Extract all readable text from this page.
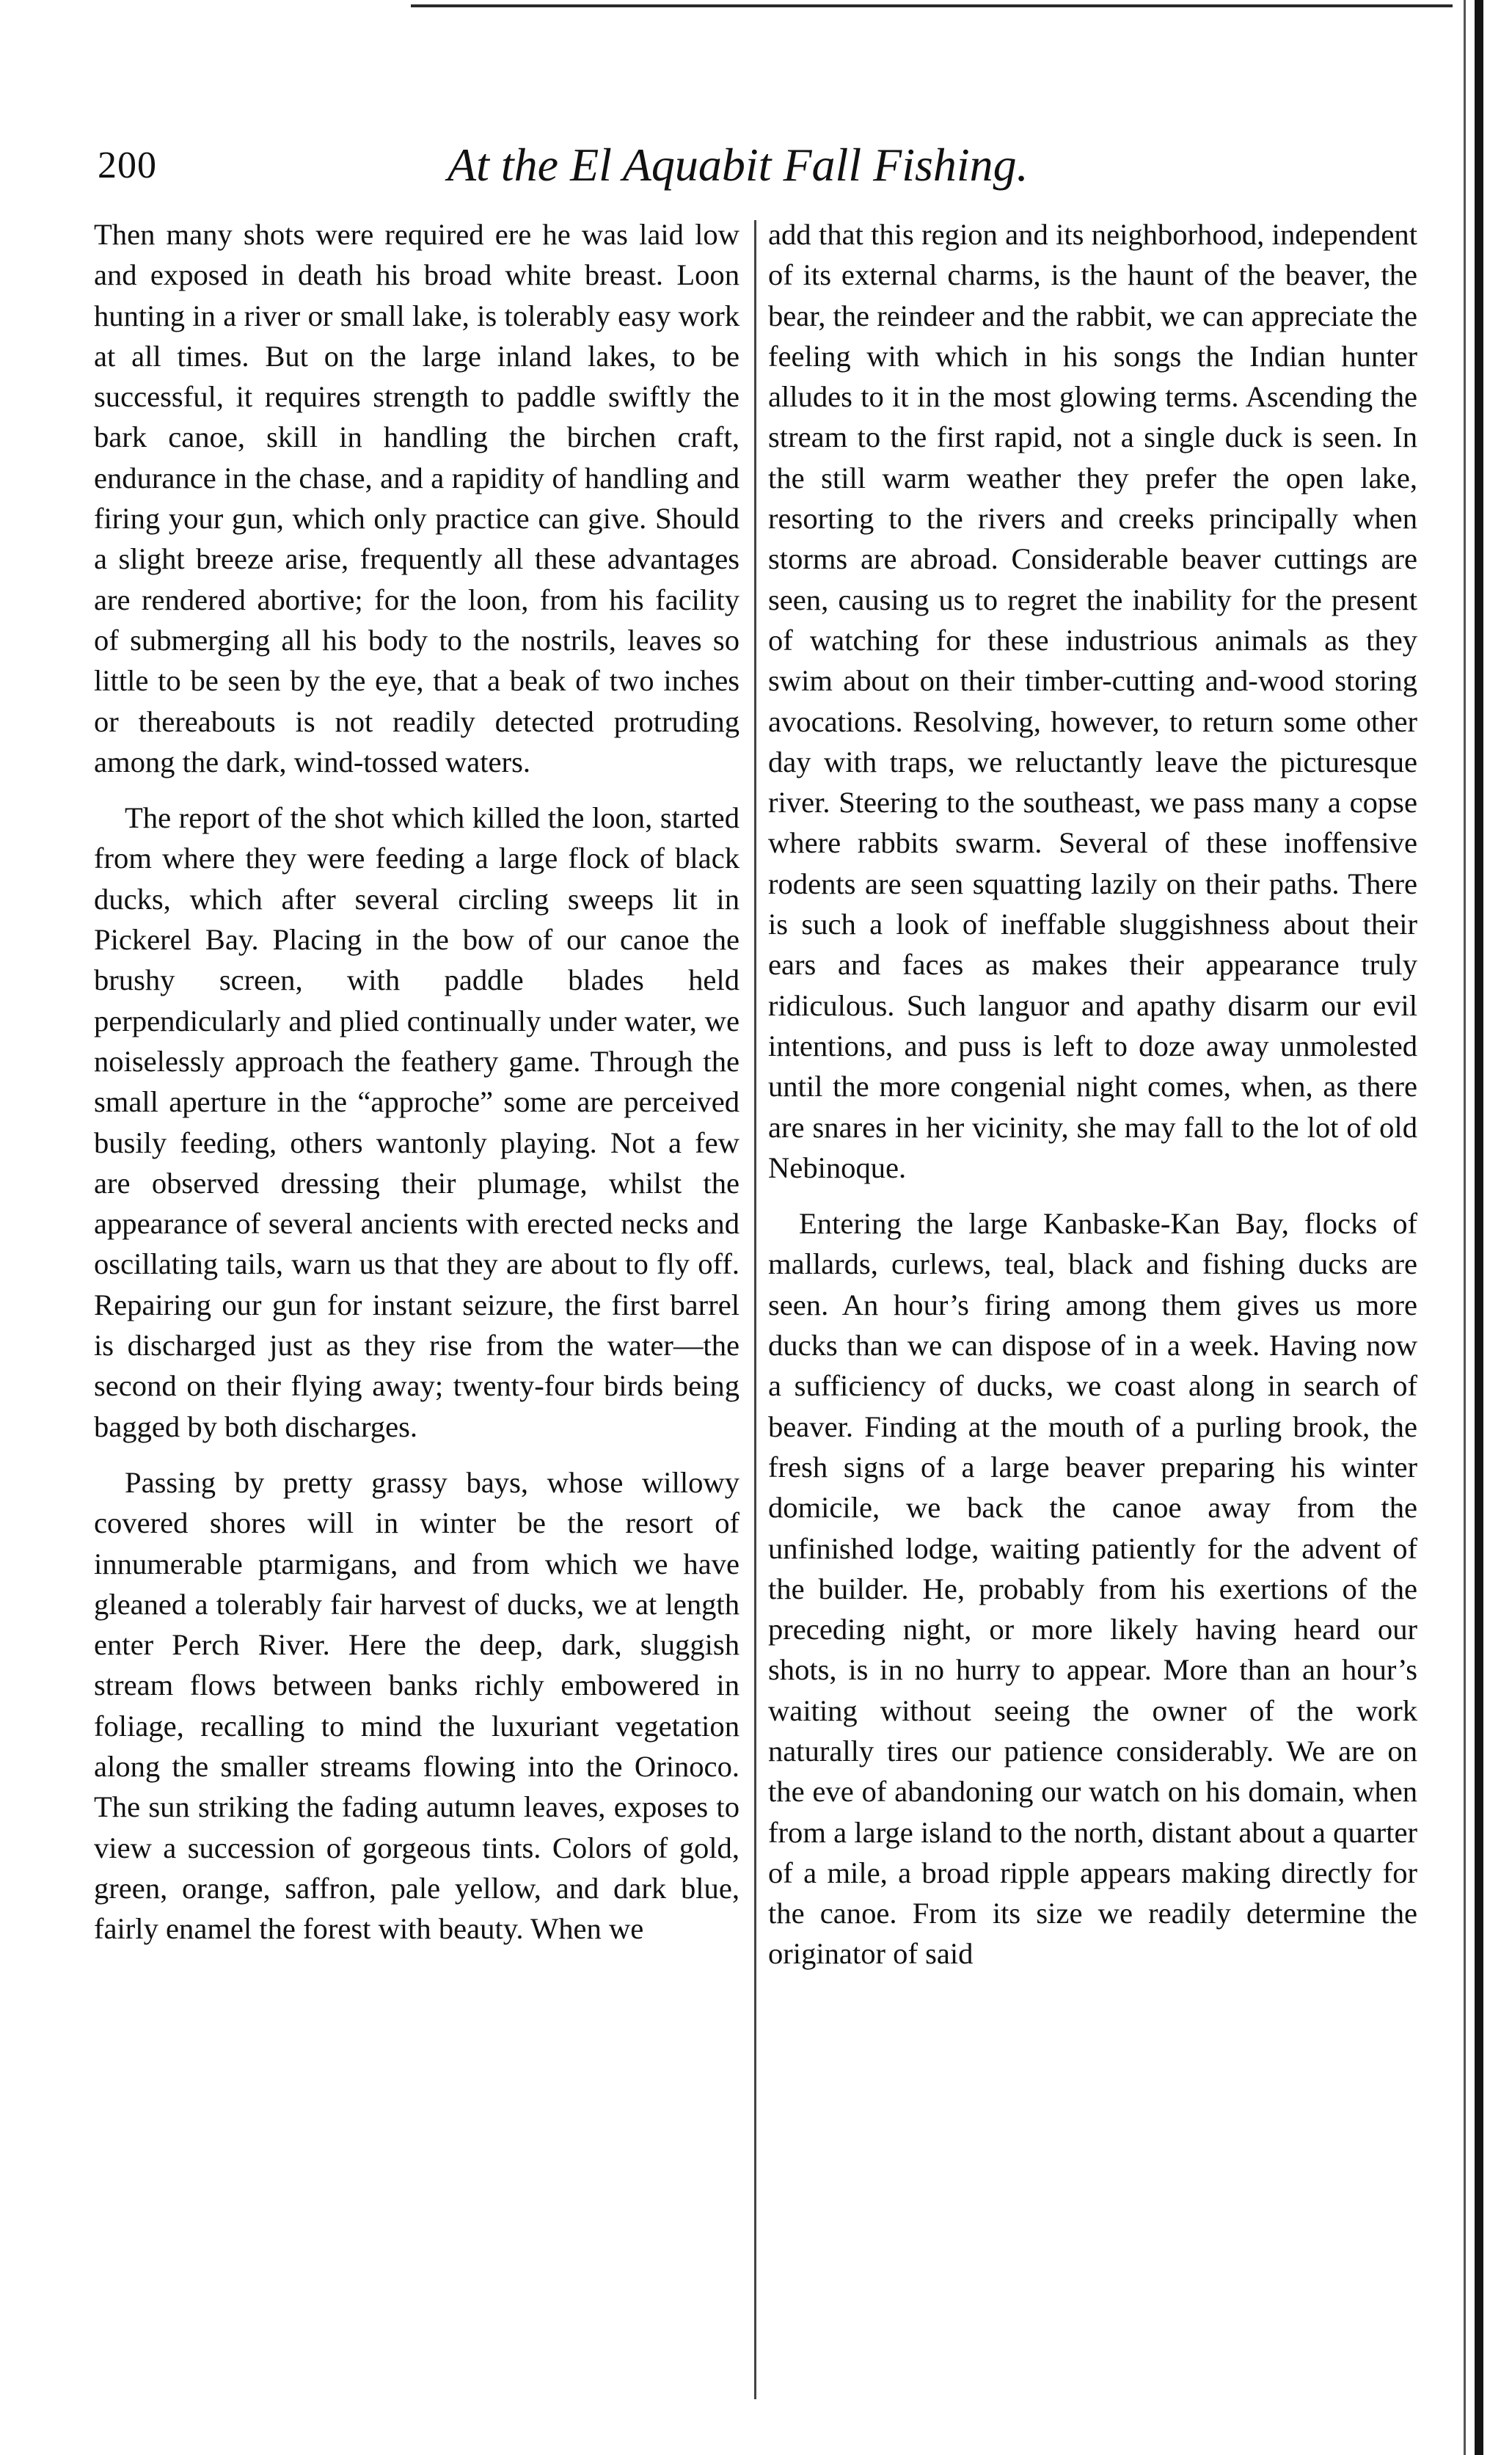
200	At the El Aquabit Fall Fishing.

Then many shots were required ere he was laid low and exposed in death his broad white breast. Loon hunting in a river or small lake, is tolerably easy work at all times. But on the large inland lakes, to be successful, it requires strength to paddle swiftly the bark canoe, skill in handling the birchen craft, endurance in the chase, and a rapidity of handling and firing your gun, which only practice can give. Should a slight breeze arise, frequently all these advantages are rendered abortive; for the loon, from his facility of submerging all his body to the nostrils, leaves so little to be seen by the eye, that a beak of two inches or thereabouts is not readily detected protruding among the dark, wind-tossed waters.

The report of the shot which killed the loon, started from where they were feeding a large flock of black ducks, which after several circling sweeps lit in Pickerel Bay. Placing in the bow of our canoe the brushy screen, with paddle blades held perpendicularly and plied continually under water, we noiselessly approach the feathery game. Through the small aperture in the “approche” some are perceived busily feeding, others wantonly playing. Not a few are observed dressing their plumage, whilst the appearance of several ancients with erected necks and oscillating tails, warn us that they are about to fly off. Repairing our gun for instant seizure, the first barrel is discharged just as they rise from the water—the second on their flying away; twenty-four birds being bagged by both discharges.

Passing by pretty grassy bays, whose willowy covered shores will in winter be the resort of innumerable ptarmigans, and from which we have gleaned a tolerably fair harvest of ducks, we at length enter Perch River. Here the deep, dark, sluggish stream flows between banks richly embowered in foliage, recalling to mind the luxuriant vegetation along the smaller streams flowing into the Orinoco. The sun striking the fading autumn leaves, exposes to view a succession of gorgeous tints. Colors of gold, green, orange, saffron, pale yellow, and dark blue, fairly enamel the forest with beauty. When we

add that this region and its neighborhood, independent of its external charms, is the haunt of the beaver, the bear, the reindeer and the rabbit, we can appreciate the feeling with which in his songs the Indian hunter alludes to it in the most glowing terms. Ascending the stream to the first rapid, not a single duck is seen. In the still warm weather they prefer the open lake, resorting to the rivers and creeks principally when storms are abroad. Considerable beaver cuttings are seen, causing us to regret the inability for the present of watching for these industrious animals as they swim about on their timber-cutting and-wood storing avocations. Resolving, however, to return some other day with traps, we reluctantly leave the picturesque river. Steering to the southeast, we pass many a copse where rabbits swarm. Several of these inoffensive rodents are seen squatting lazily on their paths. There is such a look of ineffable sluggishness about their ears and faces as makes their appearance truly ridiculous. Such languor and apathy disarm our evil intentions, and puss is left to doze away unmolested until the more congenial night comes, when, as there are snares in her vicinity, she may fall to the lot of old Nebinoque.

Entering the large Kanbaske-Kan Bay, flocks of mallards, curlews, teal, black and fishing ducks are seen. An hour’s firing among them gives us more ducks than we can dispose of in a week. Having now a sufficiency of ducks, we coast along in search of beaver. Finding at the mouth of a purling brook, the fresh signs of a large beaver preparing his winter domicile, we back the canoe away from the unfinished lodge, waiting patiently for the advent of the builder. He, probably from his exertions of the preceding night, or more likely having heard our shots, is in no hurry to appear. More than an hour’s waiting without seeing the owner of the work naturally tires our patience considerably. We are on the eve of abandoning our watch on his domain, when from a large island to the north, distant about a quarter of a mile, a broad ripple appears making directly for the canoe. From its size we readily determine the originator of said
